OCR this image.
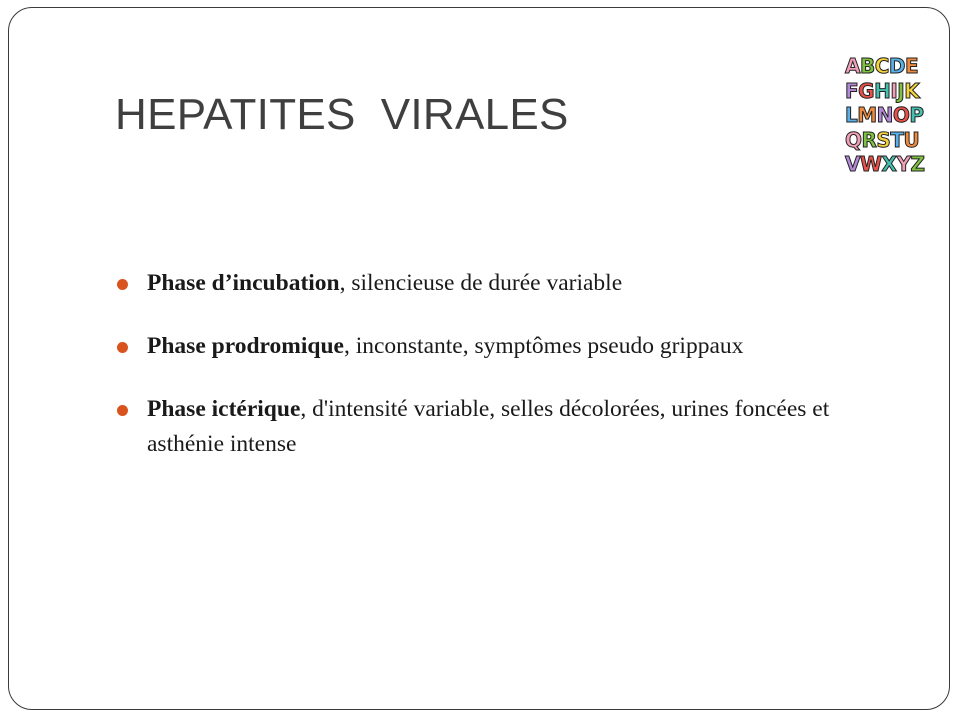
HEPATITES  VIRALES
A B C D E
F G H I J K
L M N O P
Q R S T U
V W X Y Z
Phase d’incubation, silencieuse de durée variable
Phase prodromique, inconstante, symptômes pseudo grippaux
Phase ictérique, d'intensité variable, selles décolorées, urines foncées et asthénie intense
